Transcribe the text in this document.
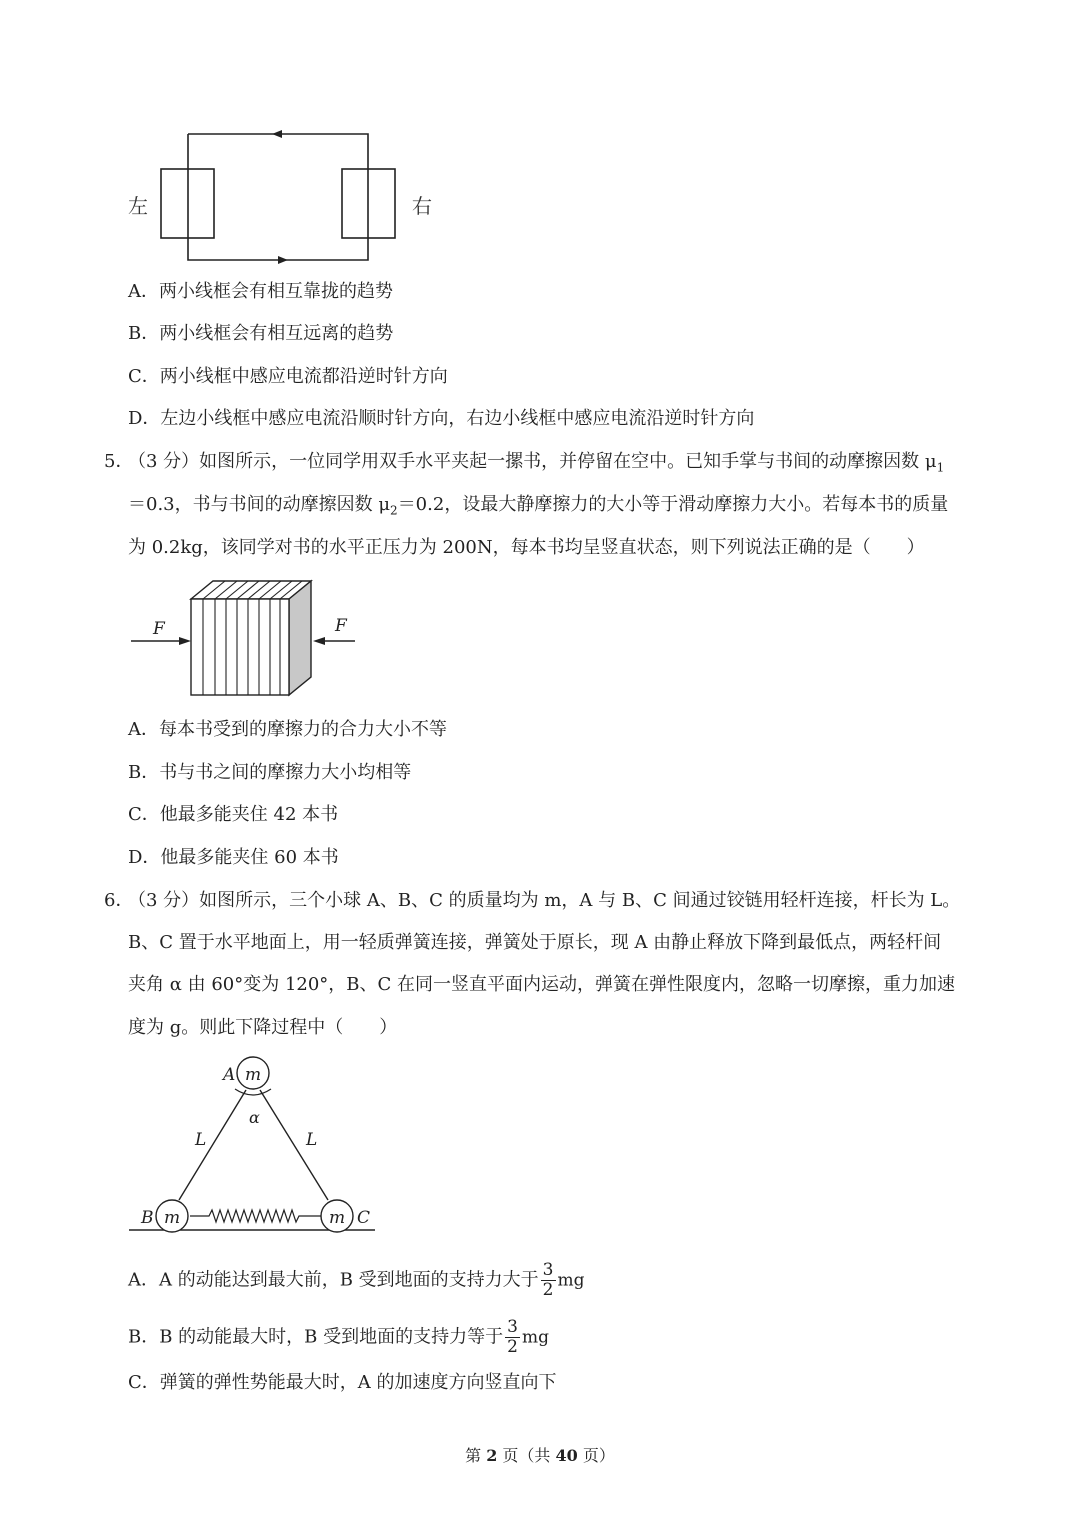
左	右
A．两小线框会有相互靠拢的趋势
B．两小线框会有相互远离的趋势
C．两小线框中感应电流都沿逆时针方向
D．左边小线框中感应电流沿顺时针方向，右边小线框中感应电流沿逆时针方向
5．
（3 分）如图所示，一位同学用双手水平夹起一摞书，并停留在空中。已知手掌与书间的动摩擦因数 $\mu_1$
＝0.3，书与书间的动摩擦因数 $\mu_2=0.2$，设最大静摩擦力的大小等于滑动摩擦力大小。若每本书的质量
为 0.2kg，该同学对书的水平正压力为 200N，每本书均呈竖直状态，则下列说法正确的是（　　）
F	F
A．每本书受到的摩擦力的合力大小不等
B．书与书之间的摩擦力大小均相等
C．他最多能夹住 42 本书
D．他最多能夹住 60 本书
6．
（3 分）如图所示，三个小球 A、B、C 的质量均为 m，A 与 B、C 间通过铰链用轻杆连接，杆长为 L。
B、C 置于水平地面上，用一轻质弹簧连接，弹簧处于原长，现 A 由静止释放下降到最低点，两轻杆间
夹角 α 由 60°变为 120°，B、C 在同一竖直平面内运动，弹簧在弹性限度内，忽略一切摩擦，重力加速
度为 g。则此下降过程中（　　）
m
m	m
A
B	C
α
L	L
A．A 的动能达到最大前，B 受到地面的支持力大于 $\frac{3}{2}$ mg
B．B 的动能最大时，B 受到地面的支持力等于 $\frac{3}{2}$ mg
C．弹簧的弹性势能最大时，A 的加速度方向竖直向下
第 2 页（共 40 页）
